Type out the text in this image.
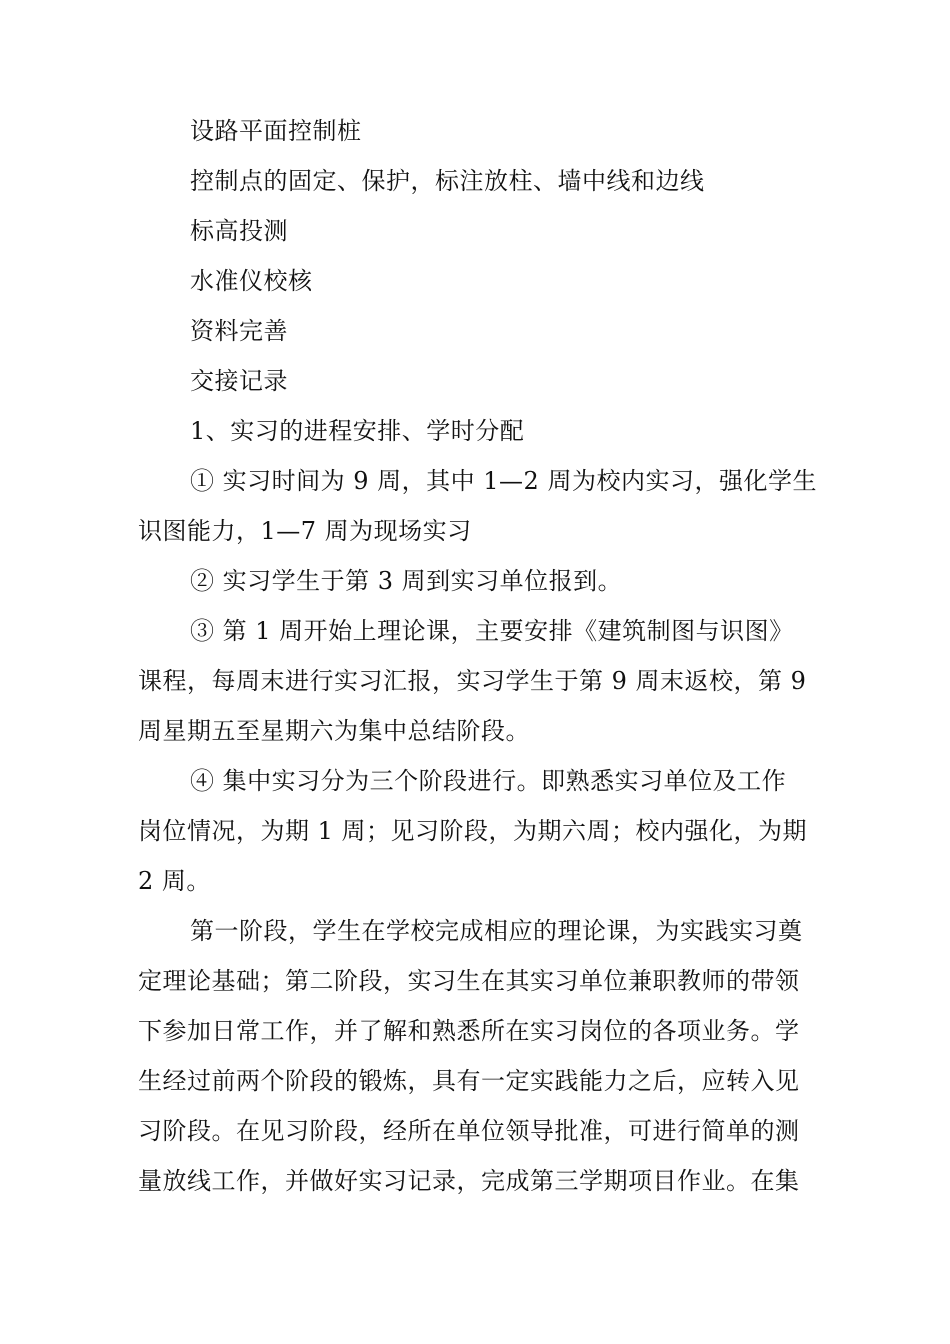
设路平面控制桩
控制点的固定、保护，标注放柱、墙中线和边线
标高投测
水准仪校核
资料完善
交接记录
1、实习的进程安排、学时分配
① 实习时间为 9 周，其中 1—2 周为校内实习，强化学生
识图能力，1—7 周为现场实习
② 实习学生于第 3 周到实习单位报到。
③ 第 1 周开始上理论课，主要安排《建筑制图与识图》
课程，每周末进行实习汇报，实习学生于第 9 周末返校，第 9
周星期五至星期六为集中总结阶段。
④ 集中实习分为三个阶段进行。即熟悉实习单位及工作
岗位情况，为期 1 周；见习阶段，为期六周；校内强化，为期
2 周。
第一阶段，学生在学校完成相应的理论课，为实践实习奠
定理论基础；第二阶段，实习生在其实习单位兼职教师的带领
下参加日常工作，并了解和熟悉所在实习岗位的各项业务。学
生经过前两个阶段的锻炼，具有一定实践能力之后，应转入见
习阶段。在见习阶段，经所在单位领导批准，可进行简单的测
量放线工作，并做好实习记录，完成第三学期项目作业。在集
